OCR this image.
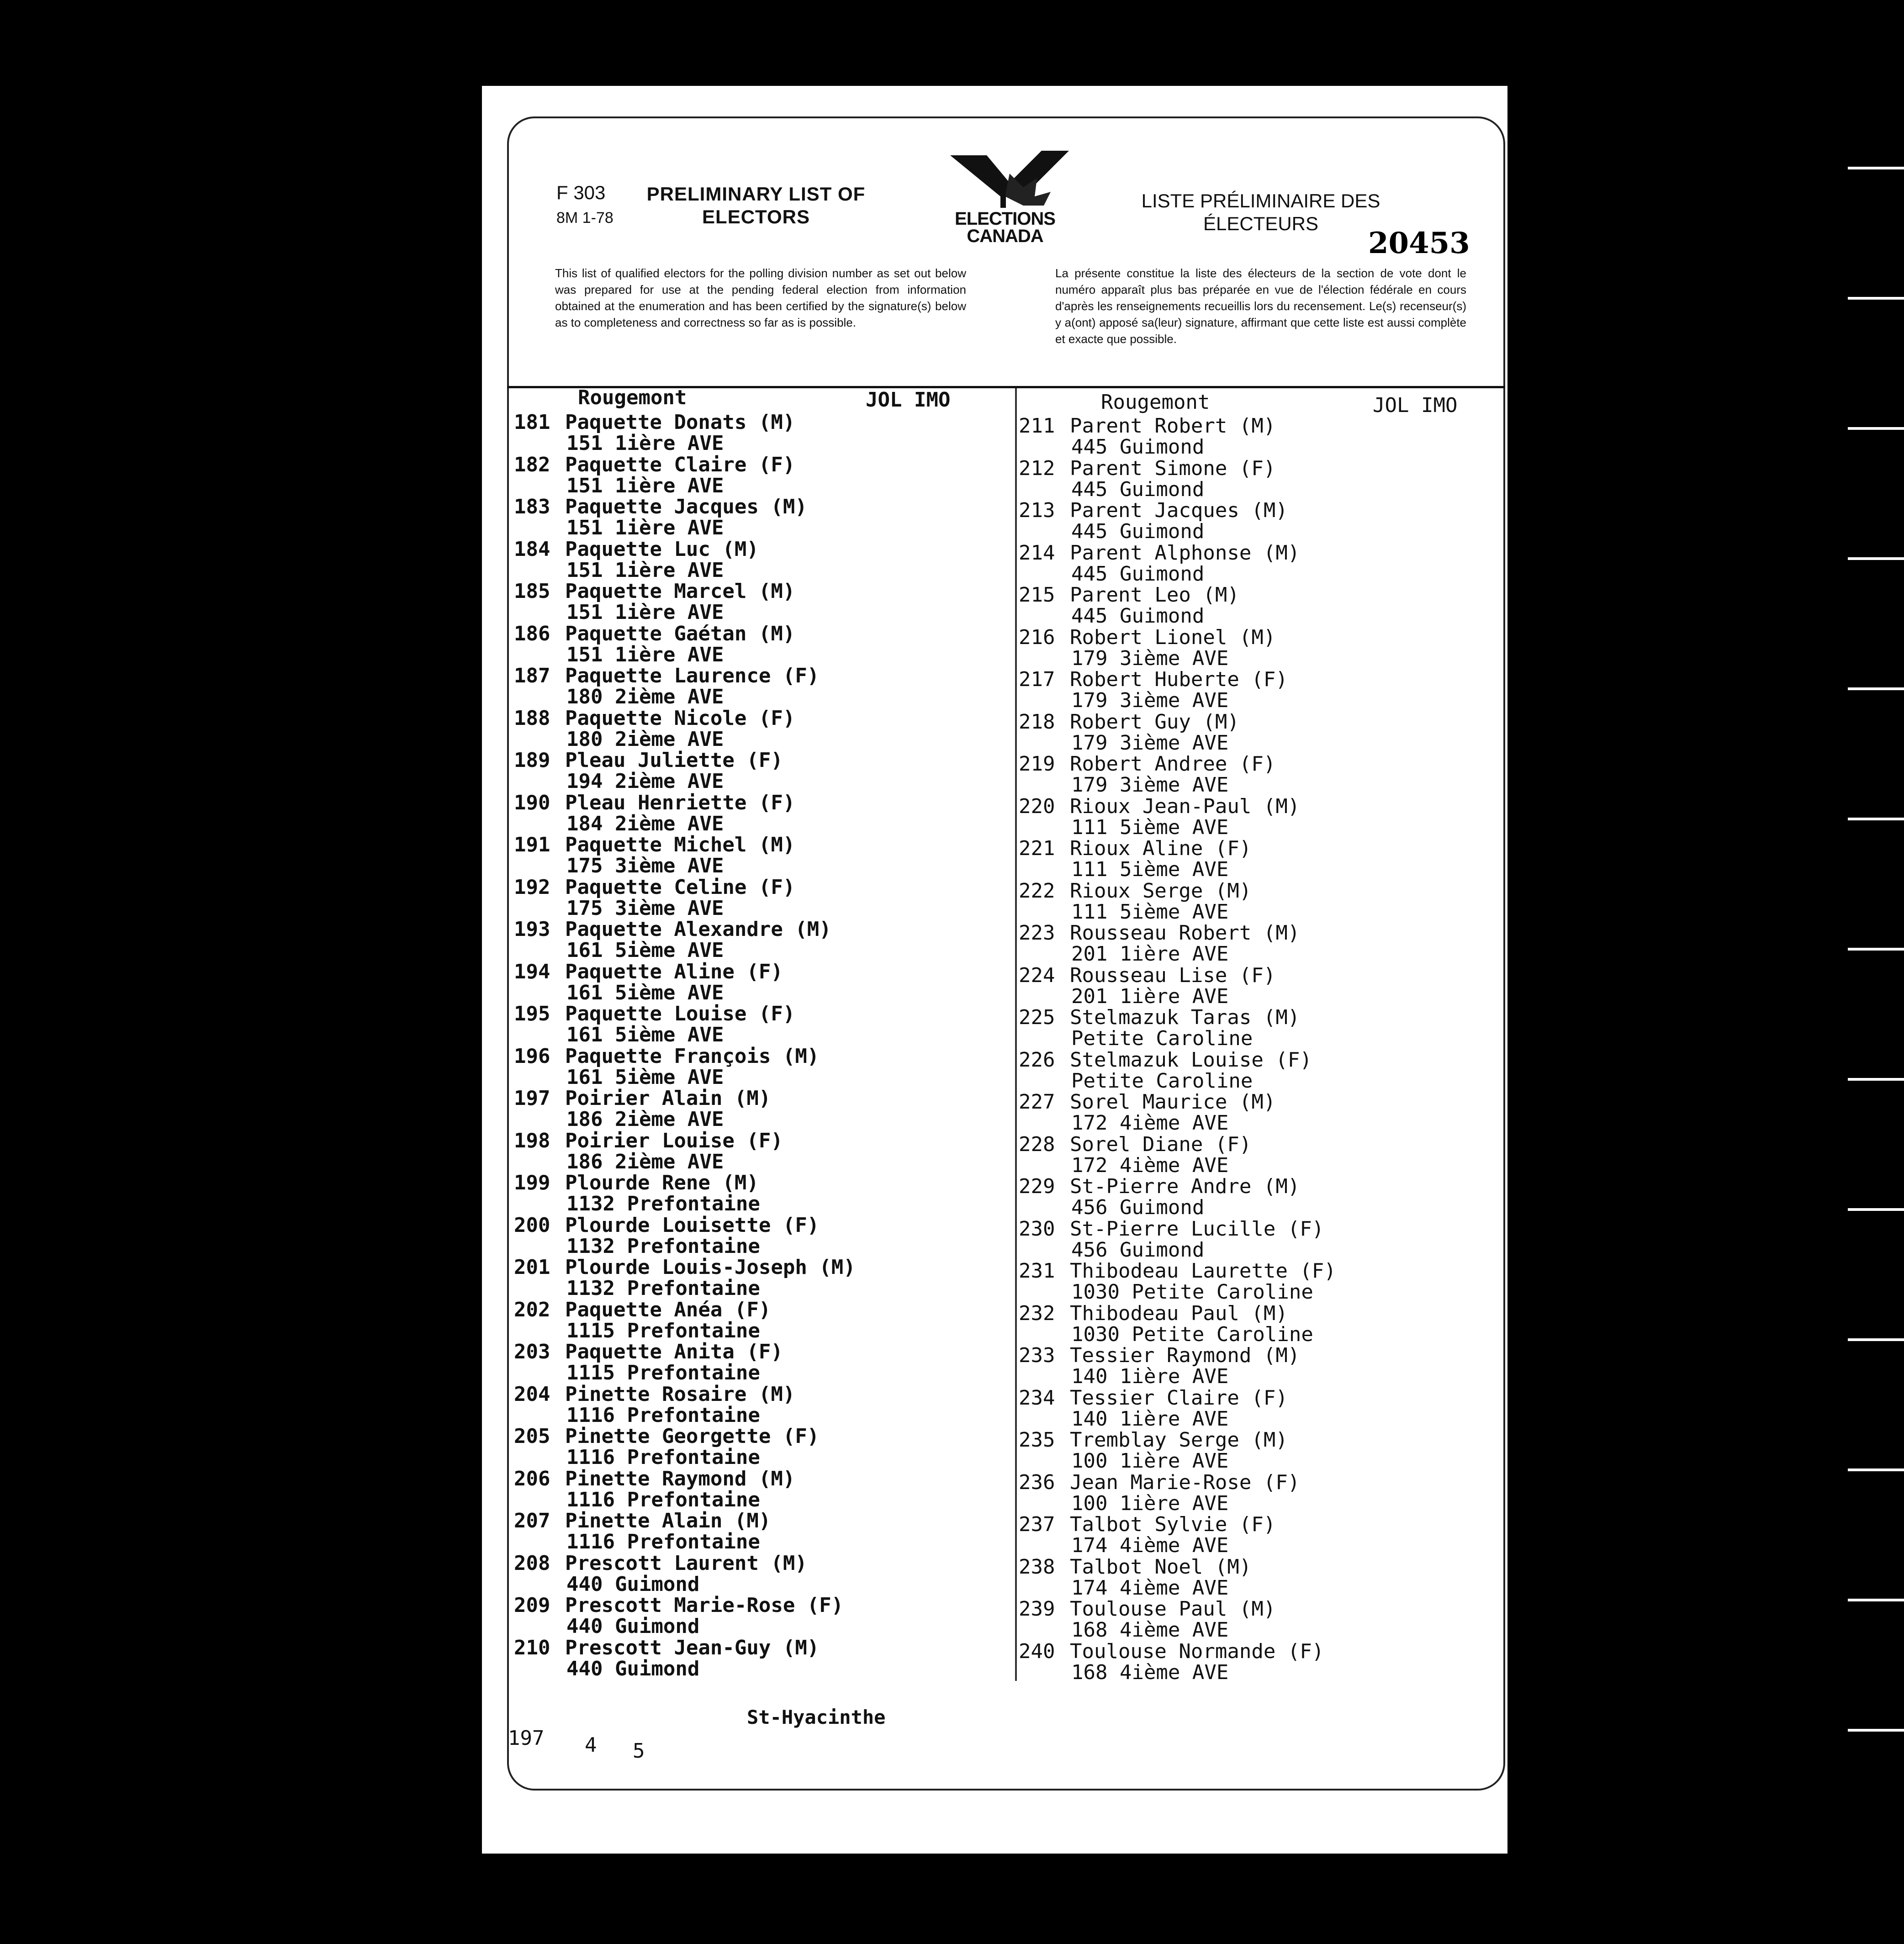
F 303
8M 1-78
PRELIMINARY LIST OF ELECTORS	ELECTIONS CANADA
LISTE PRÉLIMINAIRE DES ÉLECTEURS
20453
This list of qualified electors for the polling division number as set out below was prepared for use at the pending federal election from information obtained at the enumeration and has been certified by the signature(s) below as to completeness and correctness so far as is possible.
La présente constitue la liste des électeurs de la section de vote dont le numéro apparaît plus bas préparée en vue de l'élection fédérale en cours d'après les renseignements recueillis lors du recensement. Le(s) recenseur(s) y a(ont) apposé sa(leur) signature, affirmant que cette liste est aussi complète et exacte que possible.
Rougemont	JOL IMO	Rougemont	JOL IMO
181 Paquette Donats (M)
151 1ière AVE
182 Paquette Claire (F)
151 1ière AVE
183 Paquette Jacques (M)
151 1ière AVE
184 Paquette Luc (M)
151 1ière AVE
185 Paquette Marcel (M)
151 1ière AVE
186 Paquette Gaétan (M)
151 1ière AVE
187 Paquette Laurence (F)
180 2ième AVE
188 Paquette Nicole (F)
180 2ième AVE
189 Pleau Juliette (F)
194 2ième AVE
190 Pleau Henriette (F)
184 2ième AVE
191 Paquette Michel (M)
175 3ième AVE
192 Paquette Celine (F)
175 3ième AVE
193 Paquette Alexandre (M)
161 5ième AVE
194 Paquette Aline (F)
161 5ième AVE
195 Paquette Louise (F)
161 5ième AVE
196 Paquette François (M)
161 5ième AVE
197 Poirier Alain (M)
186 2ième AVE
198 Poirier Louise (F)
186 2ième AVE
199 Plourde Rene (M)
1132 Prefontaine
200 Plourde Louisette (F)
1132 Prefontaine
201 Plourde Louis-Joseph (M)
1132 Prefontaine
202 Paquette Anéa (F)
1115 Prefontaine
203 Paquette Anita (F)
1115 Prefontaine
204 Pinette Rosaire (M)
1116 Prefontaine
205 Pinette Georgette (F)
1116 Prefontaine
206 Pinette Raymond (M)
1116 Prefontaine
207 Pinette Alain (M)
1116 Prefontaine
208 Prescott Laurent (M)
440 Guimond
209 Prescott Marie-Rose (F)
440 Guimond
210 Prescott Jean-Guy (M)
440 Guimond
211 Parent Robert (M)
445 Guimond
212 Parent Simone (F)
445 Guimond
213 Parent Jacques (M)
445 Guimond
214 Parent Alphonse (M)
445 Guimond
215 Parent Leo (M)
445 Guimond
216 Robert Lionel (M)
179 3ième AVE
217 Robert Huberte (F)
179 3ième AVE
218 Robert Guy (M)
179 3ième AVE
219 Robert Andree (F)
179 3ième AVE
220 Rioux Jean-Paul (M)
111 5ième AVE
221 Rioux Aline (F)
111 5ième AVE
222 Rioux Serge (M)
111 5ième AVE
223 Rousseau Robert (M)
201 1ière AVE
224 Rousseau Lise (F)
201 1ière AVE
225 Stelmazuk Taras (M)
Petite Caroline
226 Stelmazuk Louise (F)
Petite Caroline
227 Sorel Maurice (M)
172 4ième AVE
228 Sorel Diane (F)
172 4ième AVE
229 St-Pierre Andre (M)
456 Guimond
230 St-Pierre Lucille (F)
456 Guimond
231 Thibodeau Laurette (F)
1030 Petite Caroline
232 Thibodeau Paul (M)
1030 Petite Caroline
233 Tessier Raymond (M)
140 1ière AVE
234 Tessier Claire (F)
140 1ière AVE
235 Tremblay Serge (M)
100 1ière AVE
236 Jean Marie-Rose (F)
100 1ière AVE
237 Talbot Sylvie (F)
174 4ième AVE
238 Talbot Noel (M)
174 4ième AVE
239 Toulouse Paul (M)
168 4ième AVE
240 Toulouse Normande (F)
168 4ième AVE
St-Hyacinthe
197 4 5
